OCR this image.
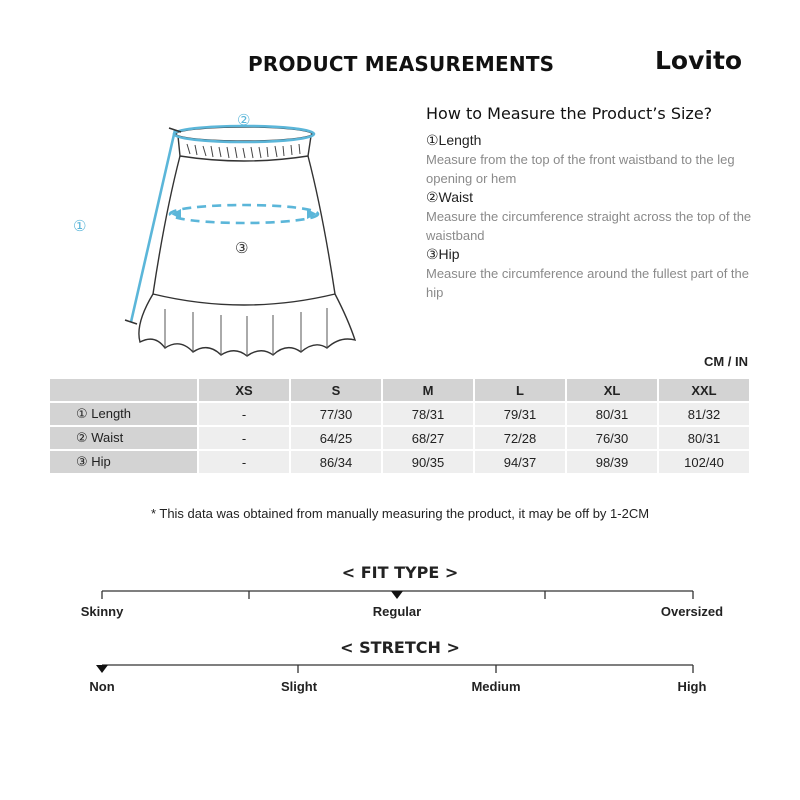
PRODUCT MEASUREMENTS	Lovito
②
①
③
How to Measure the Product’s Size?

①Length

Measure from the top of the front waistband to the leg opening or hem

②Waist

Measure the circumference straight across the top of the waistband

③Hip

Measure the circumference around the fullest part of the hip

CM / IN
	XS	S	M	L	XL	XXL
① Length	-	77/30	78/31	79/31	80/31	81/32
② Waist	-	64/25	68/27	72/28	76/30	80/31
③ Hip	-	86/34	90/35	94/37	98/39	102/40
* This data was obtained from manually measuring the product, it may be off by 1-2CM
< FIT TYPE >
Skinny	Regular	Oversized
< STRETCH >
Non	Slight	Medium	High
